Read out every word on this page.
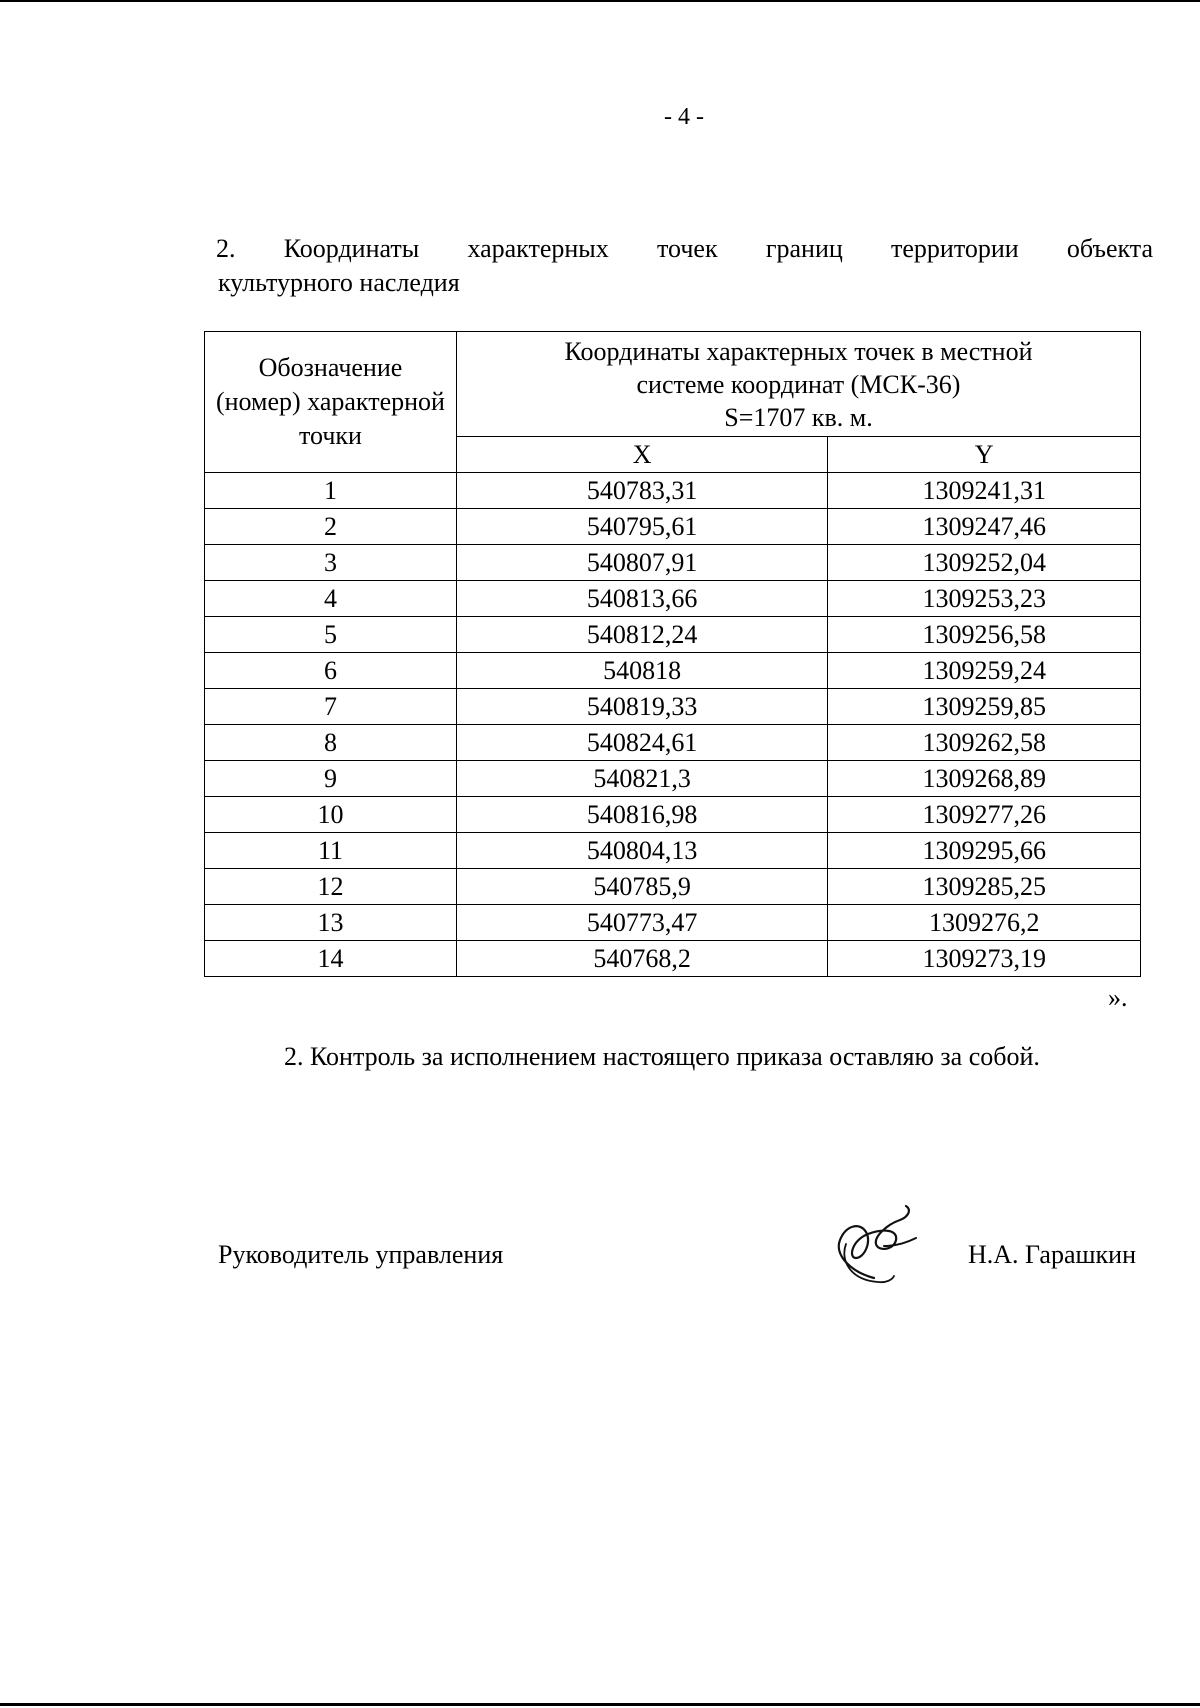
- 4 -
2. Координаты характерных точек границ территории объекта
культурного наследия
Обозначение (номер) характерной точки	Координаты характерных точек в местной
системе координат (МСК-36)
S=1707 кв. м.	

	X	Y
1	540783,31	1309241,31
2	540795,61	1309247,46
3	540807,91	1309252,04
4	540813,66	1309253,23
5	540812,24	1309256,58
6	540818	1309259,24
7	540819,33	1309259,85
8	540824,61	1309262,58
9	540821,3	1309268,89
10	540816,98	1309277,26
11	540804,13	1309295,66
12	540785,9	1309285,25
13	540773,47	1309276,2
14	540768,2	1309273,19
».
2. Контроль за исполнением настоящего приказа оставляю за собой.
Руководитель управления	Н.А. Гарашкин
